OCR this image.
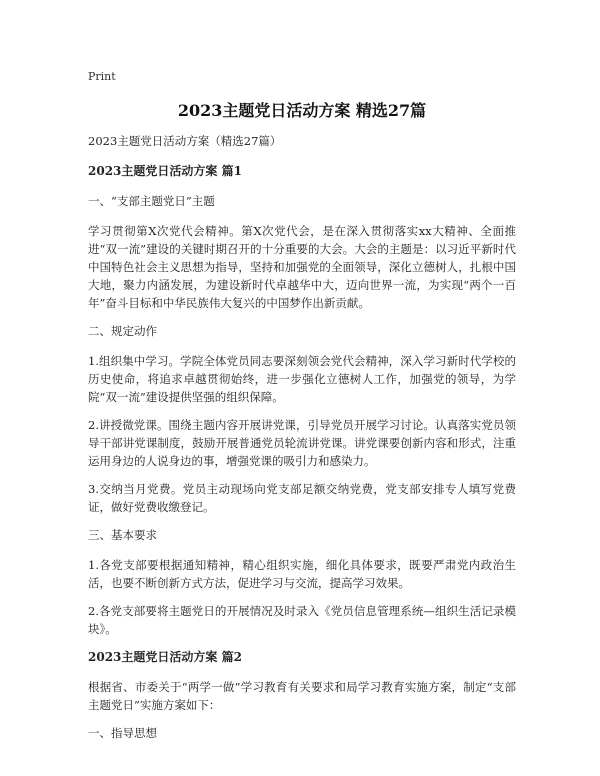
Print
2023主题党日活动方案 精选27篇

2023主题党日活动方案（精选27篇）

2023主题党日活动方案 篇1

一、“支部主题党日”主题

学习贯彻第X次党代会精神。第X次党代会，是在深入贯彻落实xx大精神、全面推进“双一流”建设的关键时期召开的十分重要的大会。大会的主题是：以习近平新时代中国特色社会主义思想为指导，坚持和加强党的全面领导，深化立德树人，扎根中国大地，聚力内涵发展，为建设新时代卓越华中大，迈向世界一流，为实现“两个一百年”奋斗目标和中华民族伟大复兴的中国梦作出新贡献。

二、规定动作

1.组织集中学习。学院全体党员同志要深刻领会党代会精神，深入学习新时代学校的历史使命，将追求卓越贯彻始终，进一步强化立德树人工作，加强党的领导，为学院“双一流”建设提供坚强的组织保障。

2.讲授微党课。围绕主题内容开展讲党课，引导党员开展学习讨论。认真落实党员领导干部讲党课制度，鼓励开展普通党员轮流讲党课。讲党课要创新内容和形式，注重运用身边的人说身边的事，增强党课的吸引力和感染力。

3.交纳当月党费。党员主动现场向党支部足额交纳党费，党支部安排专人填写党费证，做好党费收缴登记。

三、基本要求

1.各党支部要根据通知精神，精心组织实施，细化具体要求，既要严肃党内政治生活，也要不断创新方式方法，促进学习与交流，提高学习效果。

2.各党支部要将主题党日的开展情况及时录入《党员信息管理系统—组织生活记录模块》。

2023主题党日活动方案 篇2

根据省、市委关于“两学一做”学习教育有关要求和局学习教育实施方案，制定“支部主题党日”实施方案如下：

一、指导思想
